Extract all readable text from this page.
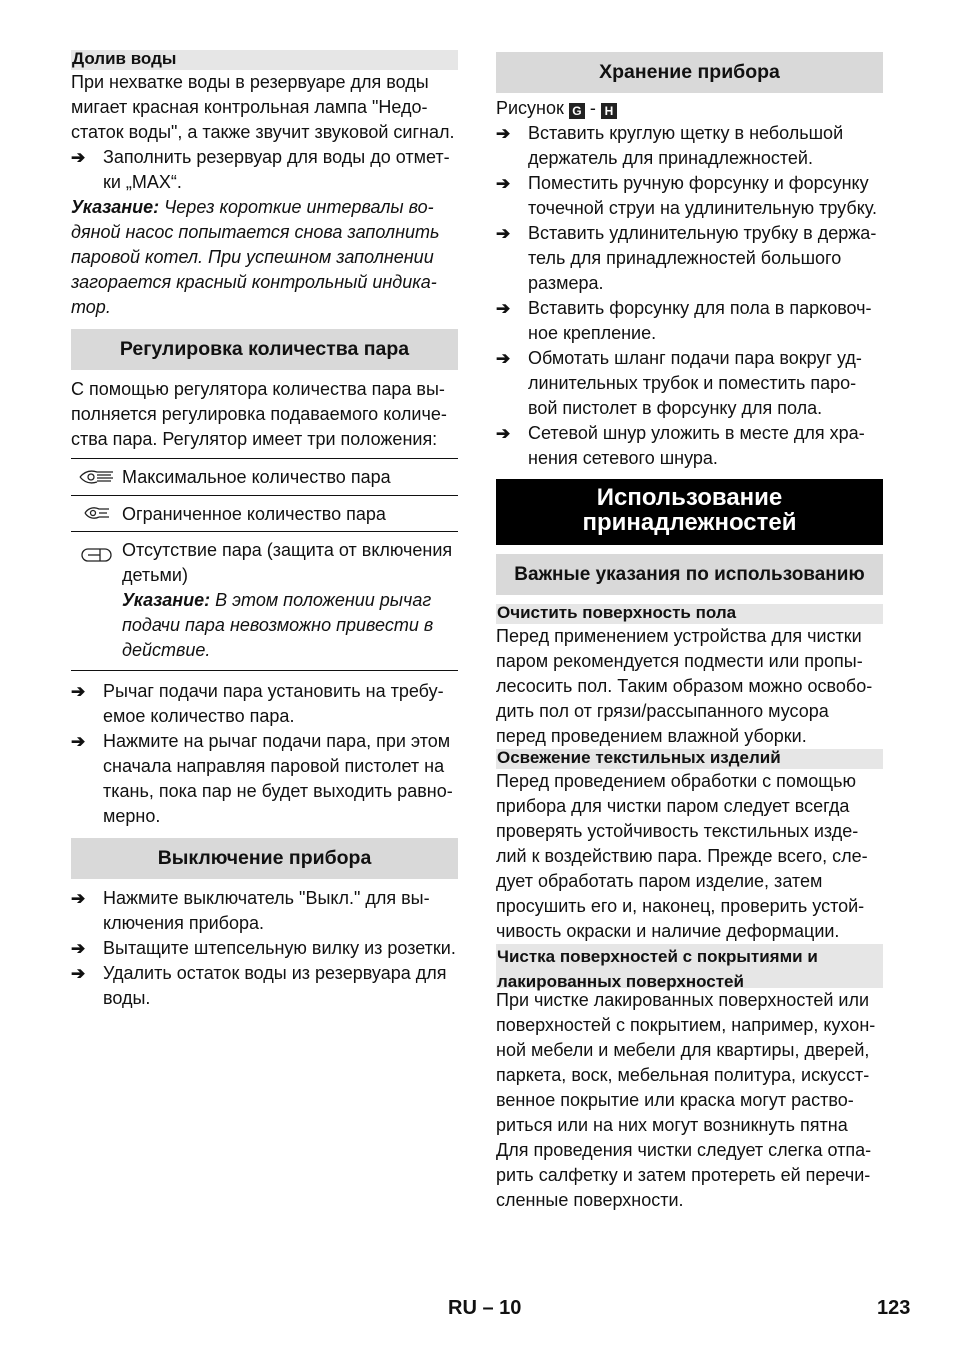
Долив воды
При нехватке воды в резервуаре для воды
мигает красная контрольная лампа "Недо-
статок воды", а также звучит звуковой сигнал.
➔ Заполнить резервуар для воды до отмет-
ки „MAX“.
Указание: Через короткие интервалы во-
дяной насос попытается снова заполнить
паровой котел. При успешном заполнении
загорается красный контрольный индика-
тор.
Регулировка количества пара
С помощью регулятора количества пара вы-
полняется регулировка подаваемого количе-
ства пара. Регулятор имеет три положения:
Максимальное количество пара
Ограниченное количество пара
Отсутствие пара (защита от включения
детьми)
Указание: В этом положении рычаг
подачи пара невозможно привести в
действие.
➔ Рычаг подачи пара установить на требу-
емое количество пара.
➔ Нажмите на рычаг подачи пара, при этом
сначала направляя паровой пистолет на
ткань, пока пар не будет выходить равно-
мерно.
Выключение прибора
➔ Нажмите выключатель "Выкл." для вы-
ключения прибора.
➔ Вытащите штепсельную вилку из розетки.
➔ Удалить остаток воды из резервуара для
воды.
Хранение прибора
Рисунок G - H
➔ Вставить круглую щетку в небольшой
держатель для принадлежностей.
➔ Поместить ручную форсунку и форсунку
точечной струи на удлинительную трубку.
➔ Вставить удлинительную трубку в держа-
тель для принадлежностей большого
размера.
➔ Вставить форсунку для пола в парковоч-
ное крепление.
➔ Обмотать шланг подачи пара вокруг уд-
линительных трубок и поместить паро-
вой пистолет в форсунку для пола.
➔ Сетевой шнур уложить в месте для хра-
нения сетевого шнура.
Использование
принадлежностей
Важные указания по использованию
Очистить поверхность пола
Перед применением устройства для чистки
паром рекомендуется подмести или пропы-
лесосить пол. Таким образом можно освобо-
дить пол от грязи/рассыпанного мусора
перед проведением влажной уборки.
Освежение текстильных изделий
Перед проведением обработки с помощью
прибора для чистки паром следует всегда
проверять устойчивость текстильных изде-
лий к воздействию пара. Прежде всего, сле-
дует обработать паром изделие, затем
просушить его и, наконец, проверить устой-
чивость окраски и наличие деформации.
Чистка поверхностей с покрытиями и
лакированных поверхностей
При чистке лакированных поверхностей или
поверхностей с покрытием, например, кухон-
ной мебели и мебели для квартиры, дверей,
паркета, воск, мебельная политура, искусст-
венное покрытие или краска могут раство-
риться или на них могут возникнуть пятна
Для проведения чистки следует слегка отпа-
рить салфетку и затем протереть ей перечи-
сленные поверхности.
RU – 10	123
